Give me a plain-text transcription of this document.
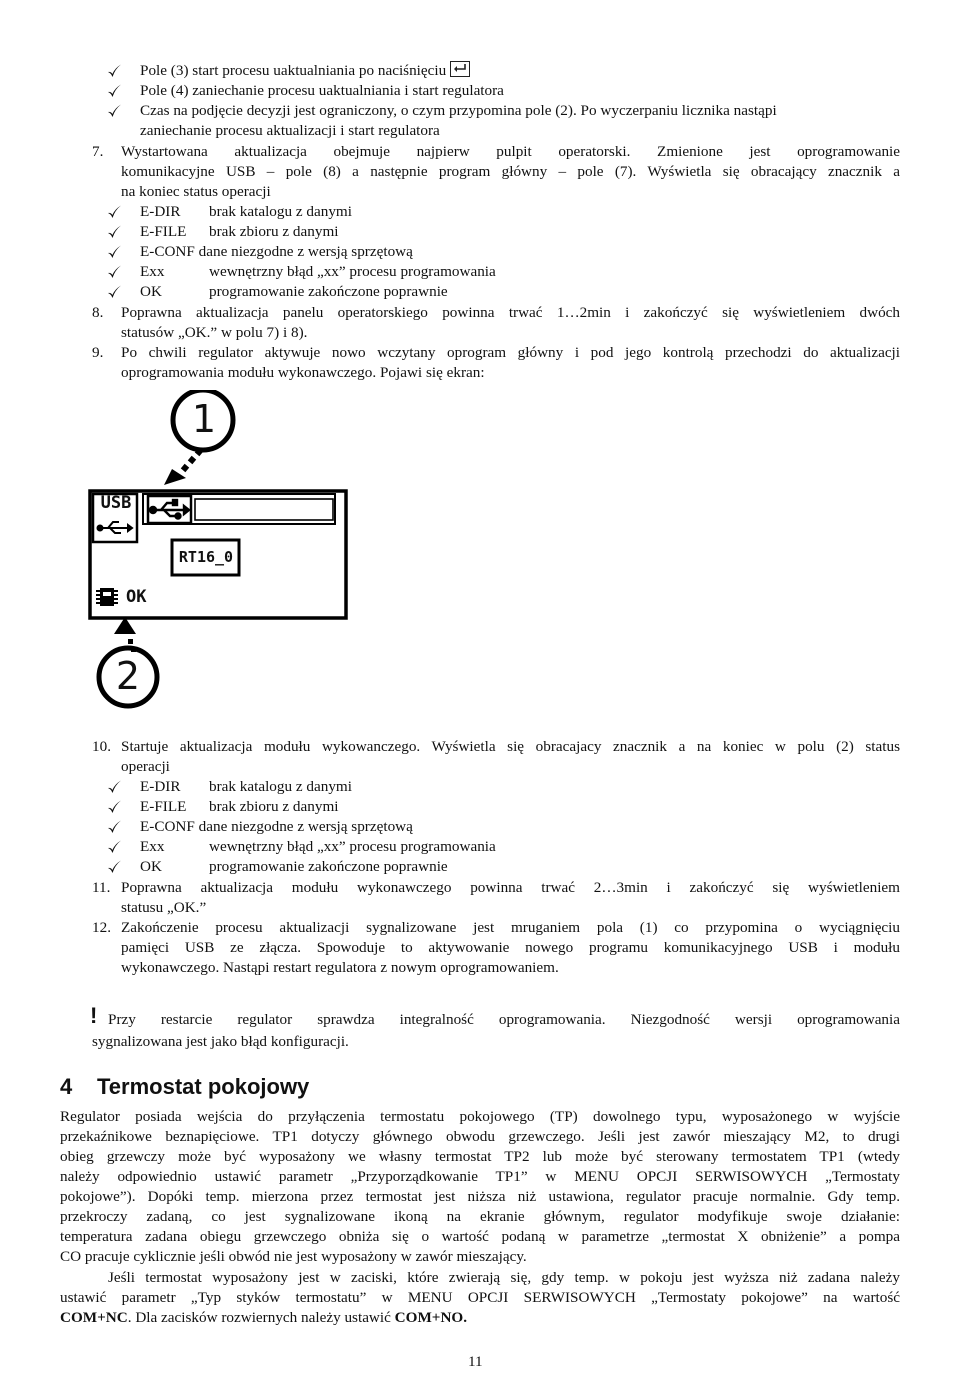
Pole (3) start procesu uaktualniania po naciśnięciu
Pole (4) zaniechanie procesu uaktualniania i start regulatora
Czas na podjęcie decyzji jest ograniczony, o czym przypomina pole (2). Po wyczerpaniu licznika nastąpi
zaniechanie procesu aktualizacji i start regulatora
7. Wystartowana aktualizacja obejmuje najpierw pulpit operatorski. Zmienione jest oprogramowanie
komunikacyjne USB – pole (8) a następnie program główny – pole (7). Wyświetla się obracający znacznik a
na koniec status operacji
E-DIR brak katalogu z danymi
E-FILE brak zbioru z danymi
E-CONF dane niezgodne z wersją sprzętową
Exx	wewnętrzny błąd „xx” procesu programowania
OK	programowanie zakończone poprawnie
8. Poprawna aktualizacja panelu operatorskiego powinna trwać 1…2min i zakończyć się wyświetleniem dwóch
statusów „OK.” w polu 7) i 8).
9. Po chwili regulator aktywuje nowo wczytany oprogram główny i pod jego kontrolą przechodzi do aktualizacji
oprogramowania modułu wykonawczego. Pojawi się ekran:
1
USB
RT16_0
OK
2
10. Startuje aktualizacja modułu wykowanczego. Wyświetla się obracajacy znacznik a na koniec w polu (2) status
operacji
E-DIR brak katalogu z danymi
E-FILE brak zbioru z danymi
E-CONF dane niezgodne z wersją sprzętową
Exx	wewnętrzny błąd „xx” procesu programowania
OK	programowanie zakończone poprawnie
11. Poprawna aktualizacja modułu wykonawczego powinna trwać 2…3min i zakończyć się wyświetleniem
statusu „OK.”
12. Zakończenie procesu aktualizacji sygnalizowane jest mruganiem pola (1) co przypomina o wyciągnięciu
pamięci USB ze złącza. Spowoduje to aktywowanie nowego programu komunikacyjnego USB i modułu
wykonawczego. Nastąpi restart regulatora z nowym oprogramowaniem.
! Przy restarcie regulator sprawdza integralność oprogramowania. Niezgodność wersji oprogramowania
sygnalizowana jest jako błąd konfiguracji.
4 Termostat pokojowy
Regulator posiada wejścia do przyłączenia termostatu pokojowego (TP) dowolnego typu, wyposażonego w wyjście
przekaźnikowe beznapięciowe. TP1 dotyczy głównego obwodu grzewczego. Jeśli jest zawór mieszający M2, to drugi
obieg grzewczy może być wyposażony we własny termostat TP2 lub może być sterowany termostatem TP1 (wtedy
należy odpowiednio ustawić parametr „Przyporządkowanie TP1” w MENU OPCJI SERWISOWYCH „Termostaty
pokojowe”). Dopóki temp. mierzona przez termostat jest niższa niż ustawiona, regulator pracuje normalnie. Gdy temp.
przekroczy zadaną, co jest sygnalizowane ikoną na ekranie głównym, regulator modyfikuje swoje działanie:
temperatura zadana obiegu grzewczego obniża się o wartość podaną w parametrze „termostat X obniżenie” a pompa
CO pracuje cyklicznie jeśli obwód nie jest wyposażony w zawór mieszający.
Jeśli termostat wyposażony jest w zaciski, które zwierają się, gdy temp. w pokoju jest wyższa niż zadana należy
ustawić parametr „Typ styków termostatu” w MENU OPCJI SERWISOWYCH „Termostaty pokojowe” na wartość
COM+NC. Dla zacisków rozwiernych należy ustawić COM+NO.
11
